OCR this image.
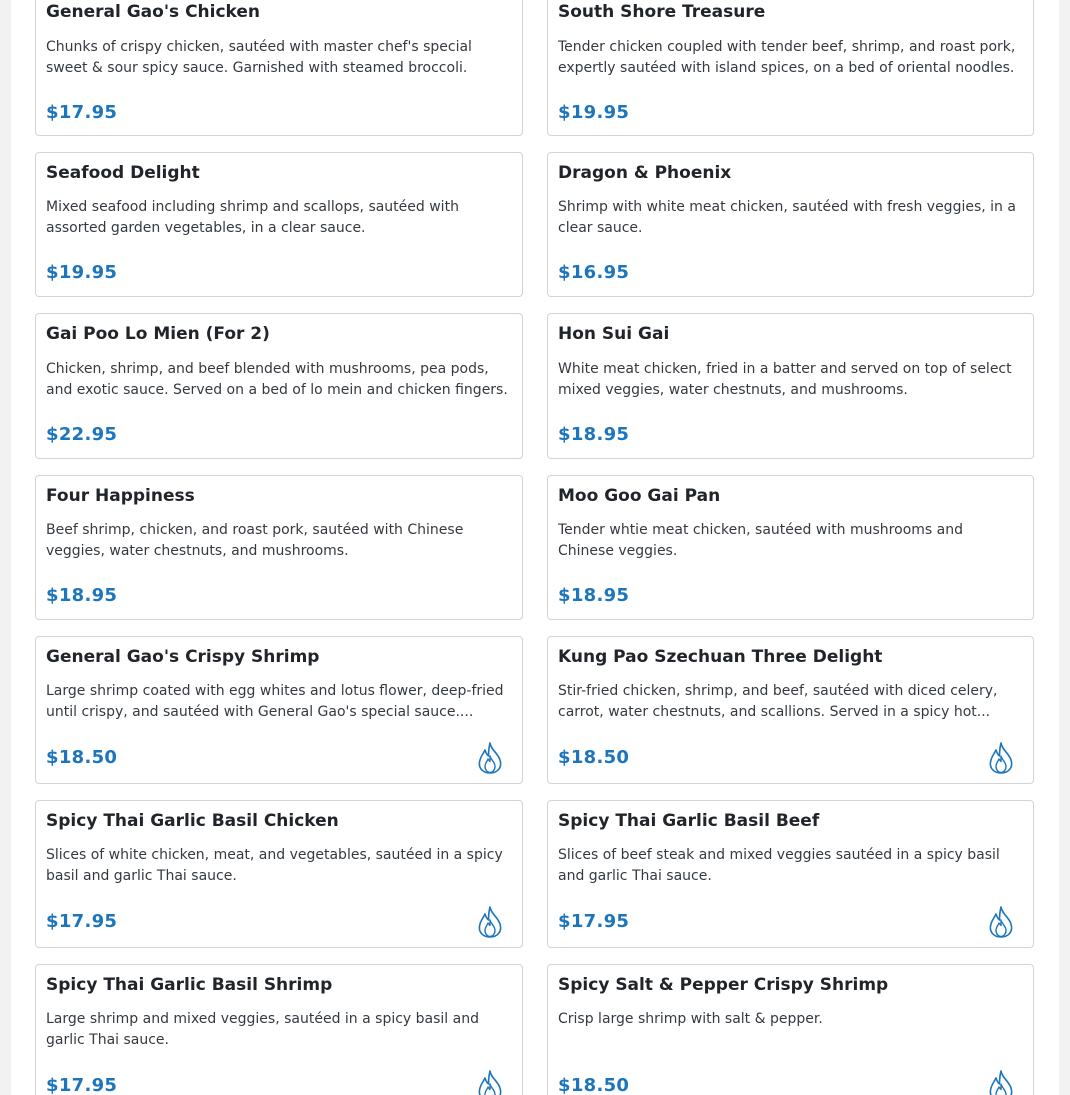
General Gao's Chicken
Chunks of crispy chicken, sautéed with master chef's special sweet & sour spicy sauce. Garnished with steamed broccoli.
$17.95
South Shore Treasure
Tender chicken coupled with tender beef, shrimp, and roast pork, expertly sautéed with island spices, on a bed of oriental noodles.
$19.95
Seafood Delight
Mixed seafood including shrimp and scallops, sautéed with assorted garden vegetables, in a clear sauce.
$19.95
Dragon & Phoenix
Shrimp with white meat chicken, sautéed with fresh veggies, in a clear sauce.
$16.95
Gai Poo Lo Mien (For 2)
Chicken, shrimp, and beef blended with mushrooms, pea pods, and exotic sauce. Served on a bed of lo mein and chicken fingers.
$22.95
Hon Sui Gai
White meat chicken, fried in a batter and served on top of select mixed veggies, water chestnuts, and mushrooms.
$18.95
Four Happiness
Beef shrimp, chicken, and roast pork, sautéed with Chinese veggies, water chestnuts, and mushrooms.
$18.95
Moo Goo Gai Pan
Tender whtie meat chicken, sautéed with mushrooms and Chinese veggies.
$18.95
General Gao's Crispy Shrimp
Large shrimp coated with egg whites and lotus flower, deep-fried until crispy, and sautéed with General Gao's special sauce....
$18.50
Kung Pao Szechuan Three Delight
Stir-fried chicken, shrimp, and beef, sautéed with diced celery, carrot, water chestnuts, and scallions. Served in a spicy hot...
$18.50
Spicy Thai Garlic Basil Chicken
Slices of white chicken, meat, and vegetables, sautéed in a spicy basil and garlic Thai sauce.
$17.95
Spicy Thai Garlic Basil Beef
Slices of beef steak and mixed veggies sautéed in a spicy basil and garlic Thai sauce.
$17.95
Spicy Thai Garlic Basil Shrimp
Large shrimp and mixed veggies, sautéed in a spicy basil and garlic Thai sauce.
$17.95
Spicy Salt & Pepper Crispy Shrimp
Crisp large shrimp with salt & pepper.
$18.50
